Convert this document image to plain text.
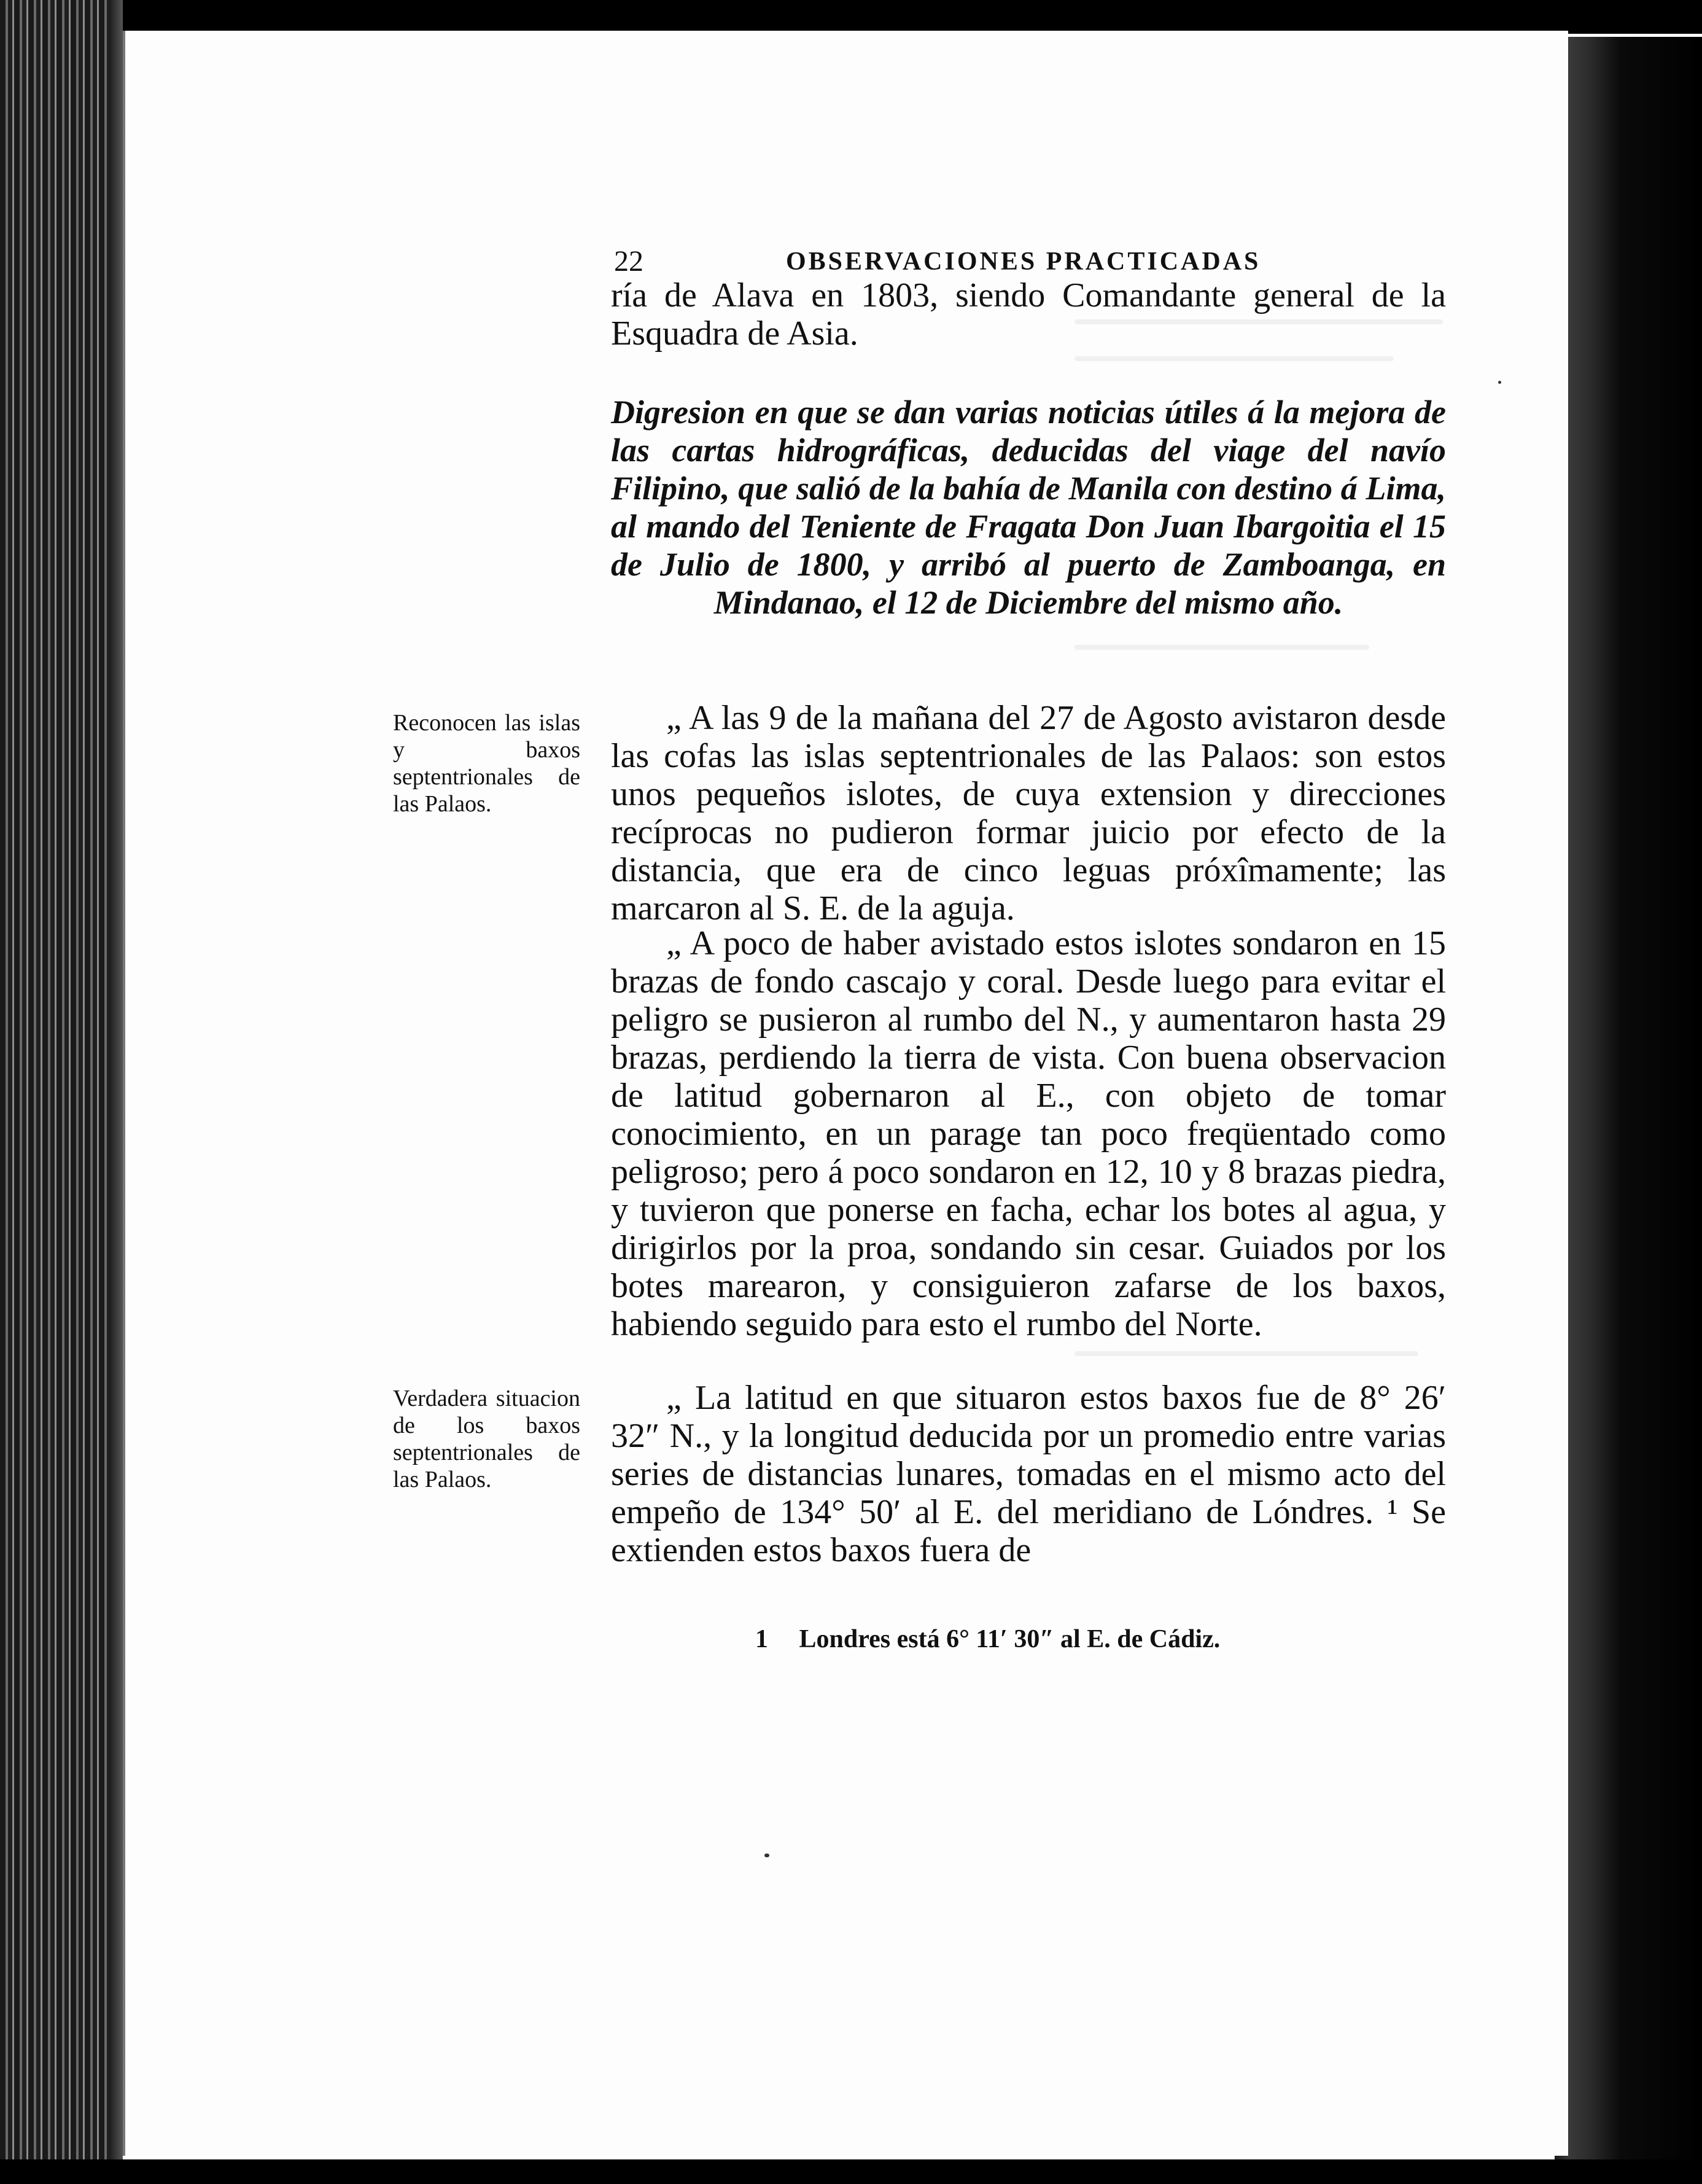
22	OBSERVACIONES PRACTICADAS
ría de Alava en 1803, siendo Comandante general de la Esquadra de Asia.
Digresion en que se dan varias noticias útiles á la mejora de las cartas hidrográficas, deducidas del viage del navío Filipino, que salió de la bahía de Manila con destino á Lima, al mando del Teniente de Fragata Don Juan Ibargoitia el 15 de Julio de 1800, y arribó al puerto de Zamboanga, en Mindanao, el 12 de Diciembre del mismo año.
„ A las 9 de la mañana del 27 de Agosto avistaron desde las cofas las islas septentrionales de las Palaos: son estos unos pequeños islotes, de cuya extension y direcciones recíprocas no pudieron formar juicio por efecto de la distancia, que era de cinco leguas próxîmamente; las marcaron al S. E. de la aguja.
„ A poco de haber avistado estos islotes sondaron en 15 brazas de fondo cascajo y coral. Desde luego para evitar el peligro se pusieron al rumbo del N., y aumentaron hasta 29 brazas, perdiendo la tierra de vista. Con buena observacion de latitud gobernaron al E., con objeto de tomar conocimiento, en un parage tan poco freqüentado como peligroso; pero á poco sondaron en 12, 10 y 8 brazas piedra, y tuvieron que ponerse en facha, echar los botes al agua, y dirigirlos por la proa, sondando sin cesar. Guiados por los botes marearon, y consiguieron zafarse de los baxos, habiendo seguido para esto el rumbo del Norte.
„ La latitud en que situaron estos baxos fue de 8° 26′ 32″ N., y la longitud deducida por un promedio entre varias series de distancias lunares, tomadas en el mismo acto del empeño de 134° 50′ al E. del meridiano de Lóndres. ¹ Se extienden estos baxos fuera de
Reconocen las islas y baxos septentrionales de las Palaos.
Verdadera situacion de los baxos septentrionales de las Palaos.
1 Londres está 6° 11′ 30″ al E. de Cádiz.
